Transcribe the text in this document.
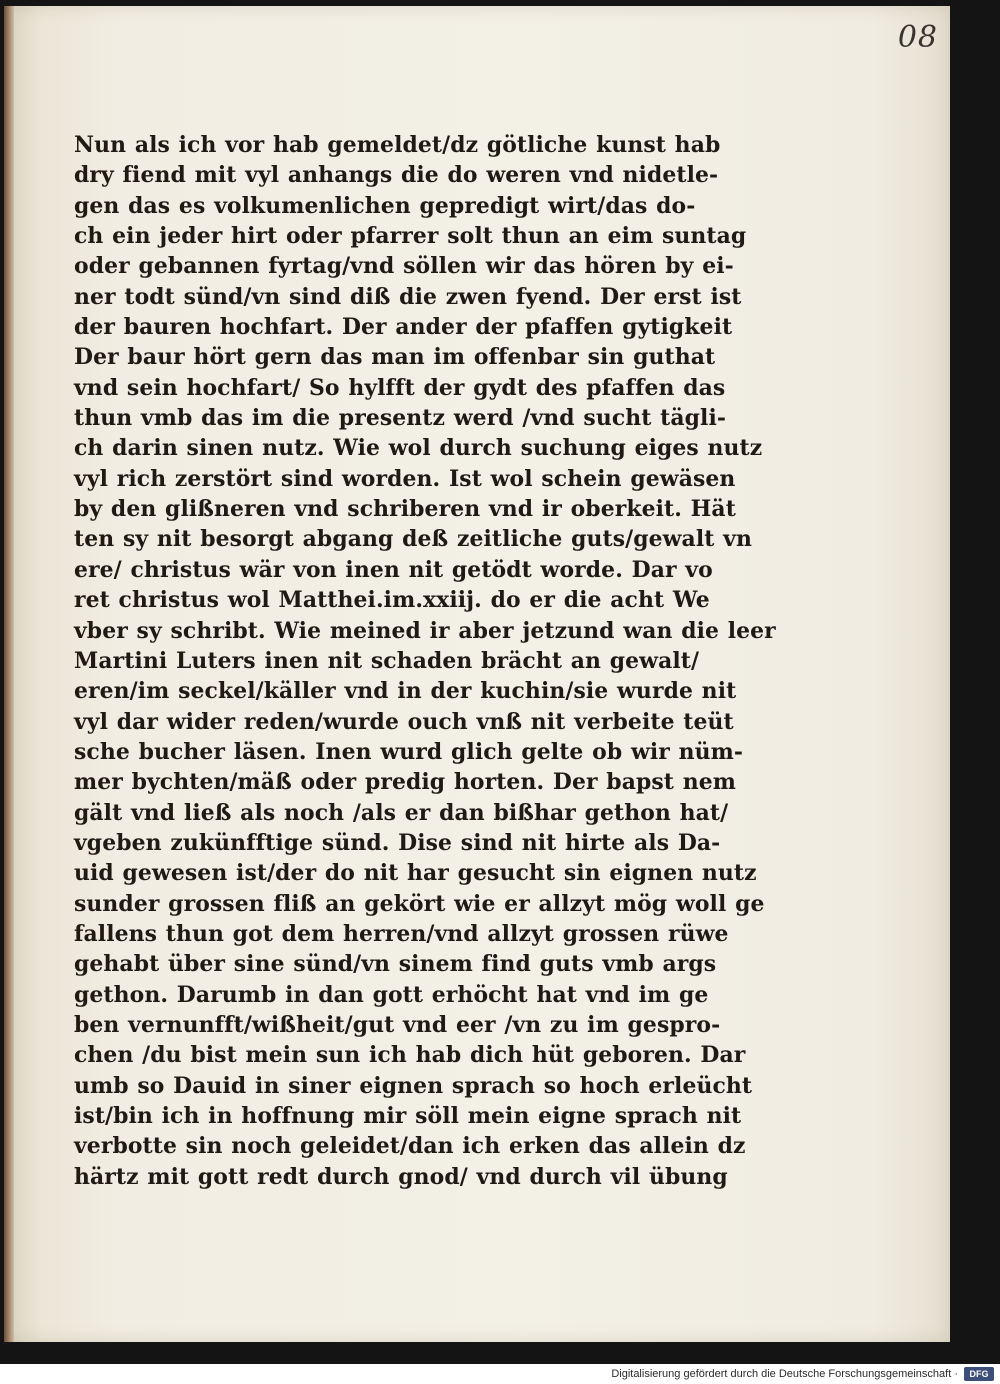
08
Nun als ich vor hab gemeldet/dz götliche kunst hab
dry fiend mit vyl anhangs die do weren vnd nidetle-
gen das es volkumenlichen gepredigt wirt/das do-
ch ein jeder hirt oder pfarrer solt thun an eim suntag
oder gebannen fyrtag/vnd söllen wir das hören by ei-
ner todt sünd/vn sind diß die zwen fyend. Der erst ist
der bauren hochfart. Der ander der pfaffen gytigkeit
Der baur hört gern das man im offenbar sin guthat
vnd sein hochfart/ So hylfft der gydt des pfaffen das
thun vmb das im die presentz werd /vnd sucht tägli-
ch darin sinen nutz. Wie wol durch suchung eiges nutz
vyl rich zerstört sind worden. Ist wol schein gewäsen
by den glißneren vnd schriberen vnd ir oberkeit. Hät
ten sy nit besorgt abgang deß zeitliche guts/gewalt vn
ere/ christus wär von inen nit getödt worde. Dar vo
ret christus wol Matthei.im.xxiij. do er die acht We
vber sy schribt. Wie meined ir aber jetzund wan die leer
Martini Luters inen nit schaden brächt an gewalt/
eren/im seckel/käller vnd in der kuchin/sie wurde nit
vyl dar wider reden/wurde ouch vnß nit verbeite teüt
sche bucher läsen. Inen wurd glich gelte ob wir nüm-
mer bychten/mäß oder predig horten. Der bapst nem
gält vnd ließ als noch /als er dan bißhar gethon hat/
vgeben zukünfftige sünd. Dise sind nit hirte als Da-
uid gewesen ist/der do nit har gesucht sin eignen nutz
sunder grossen fliß an gekört wie er allzyt mög woll ge
fallens thun got dem herren/vnd allzyt grossen rüwe
gehabt über sine sünd/vn sinem find guts vmb args
gethon. Darumb in dan gott erhöcht hat vnd im ge
ben vernunfft/wißheit/gut vnd eer /vn zu im gespro-
chen /du bist mein sun ich hab dich hüt geboren. Dar
umb so Dauid in siner eignen sprach so hoch erleücht
ist/bin ich in hoffnung mir söll mein eigne sprach nit
verbotte sin noch geleidet/dan ich erken das allein dz
härtz mit gott redt durch gnod/ vnd durch vil übung
Digitalisierung gefördert durch die Deutsche Forschungsgemeinschaft ·	DFG
